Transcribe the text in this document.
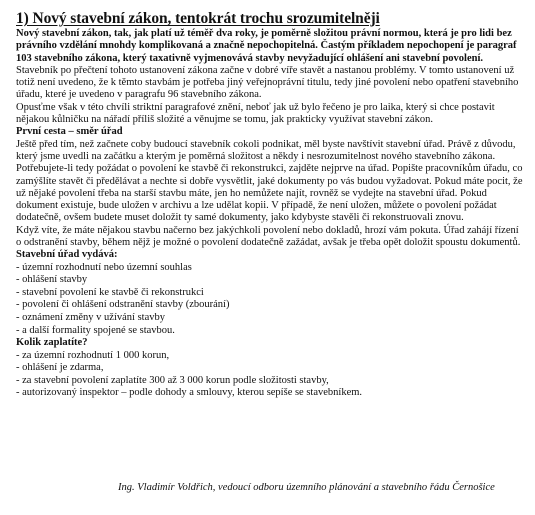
1) Nový stavební zákon, tentokrát trochu srozumitelněji

Nový stavební zákon, tak, jak platí už téměř dva roky, je poměrně složitou právní normou, která je pro lidi bez právního vzdělání mnohdy komplikovaná a značně nepochopitelná. Častým příkladem nepochopení je paragraf 103 stavebního zákona, který taxativně vyjmenovává stavby nevyžadující ohlášení ani stavební povolení.

Stavebník po přečtení tohoto ustanovení zákona začne v dobré víře stavět a nastanou problémy. V tomto ustanovení už totiž není uvedeno, že k těmto stavbám je potřeba jiný veřejnoprávní titulu, tedy jiné povolení nebo opatření stavebního úřadu, které je uvedeno v paragrafu 96 stavebního zákona.

Opusťme však v této chvíli striktní paragrafové znění, neboť jak už bylo řečeno je pro laika, který si chce postavit nějakou kůlničku na nářadí příliš složité a věnujme se tomu, jak prakticky využívat stavební zákon.

První cesta – směr úřad

Ještě před tím, než začnete coby budoucí stavebník cokoli podnikat, měl byste navštívit stavební úřad. Právě z důvodu, který jsme uvedli na začátku a kterým je poměrná složitost a někdy i nesrozumitelnost nového stavebního zákona.

Potřebujete-li tedy požádat o povolení ke stavbě či rekonstrukci, zajděte nejprve na úřad. Popište pracovníkům úřadu, co zamýšlíte stavět či předělávat a nechte si dobře vysvětlit, jaké dokumenty po vás budou vyžadovat. Pokud máte pocit, že už nějaké povolení třeba na starší stavbu máte, jen ho nemůžete najít, rovněž se vydejte na stavební úřad. Pokud dokument existuje, bude uložen v archivu a lze udělat kopii. V případě, že není uložen, můžete o povolení požádat dodatečně, ovšem budete muset doložit ty samé dokumenty, jako kdybyste stavěli či rekonstruovali znovu.

Když víte, že máte nějakou stavbu načerno bez jakýchkoli povolení nebo dokladů, hrozí vám pokuta. Úřad zahájí řízení o odstranění stavby, během nějž je možné o povolení dodatečně zažádat, avšak je třeba opět doložit spoustu dokumentů.

Stavební úřad vydává:

- územní rozhodnutí nebo územní souhlas
- ohlášení stavby
- stavební povolení ke stavbě či rekonstrukci
- povolení či ohlášení odstranění stavby (zbourání)
- oznámení změny v užívání stavby
- a další formality spojené se stavbou.

Kolik zaplatíte?

- za územní rozhodnutí 1 000 korun,
- ohlášení je zdarma,
- za stavební povolení zaplatíte 300 až 3 000 korun podle složitosti stavby,
- autorizovaný inspektor – podle dohody a smlouvy, kterou sepíše se stavebníkem.
Ing. Vladimír Voldřich, vedoucí odboru územního plánování a stavebního řádu Černošice
